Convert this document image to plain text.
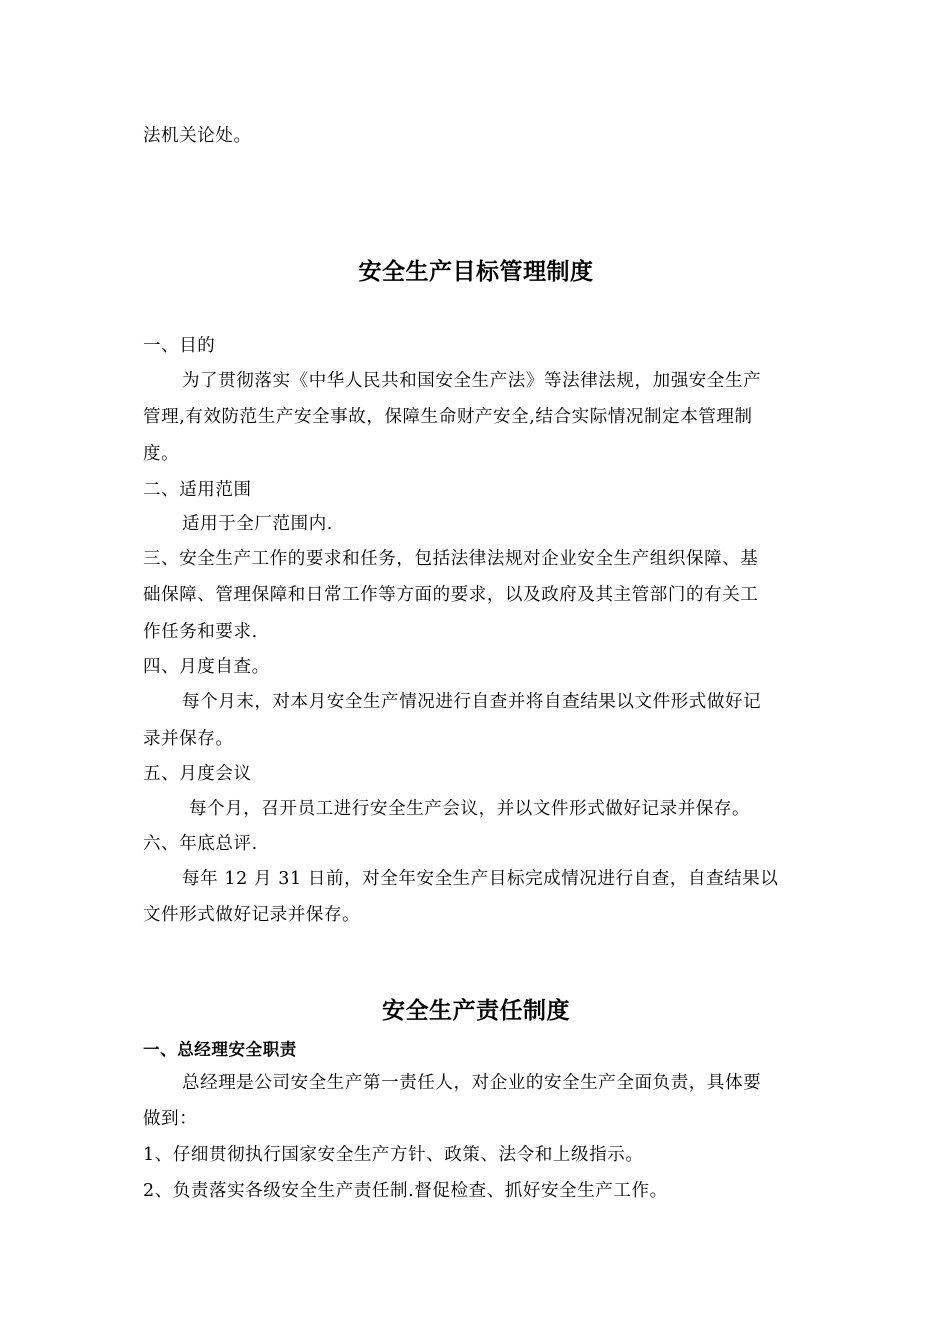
法机关论处。
安全生产目标管理制度
一、目的
为了贯彻落实《中华人民共和国安全生产法》等法律法规，加强安全生产
管理,有效防范生产安全事故，保障生命财产安全,结合实际情况制定本管理制
度。
二、适用范围
适用于全厂范围内.
三、安全生产工作的要求和任务，包括法律法规对企业安全生产组织保障、基
础保障、管理保障和日常工作等方面的要求，以及政府及其主管部门的有关工
作任务和要求.
四、月度自查。
每个月末，对本月安全生产情况进行自查并将自查结果以文件形式做好记
录并保存。
五、月度会议
每个月，召开员工进行安全生产会议，并以文件形式做好记录并保存。
六、年底总评.
每年 12 月 31 日前，对全年安全生产目标完成情况进行自查，自查结果以
文件形式做好记录并保存。
安全生产责任制度
一、总经理安全职责
总经理是公司安全生产第一责任人，对企业的安全生产全面负责，具体要
做到：
1、仔细贯彻执行国家安全生产方针、政策、法令和上级指示。
2、负责落实各级安全生产责任制.督促检查、抓好安全生产工作。
